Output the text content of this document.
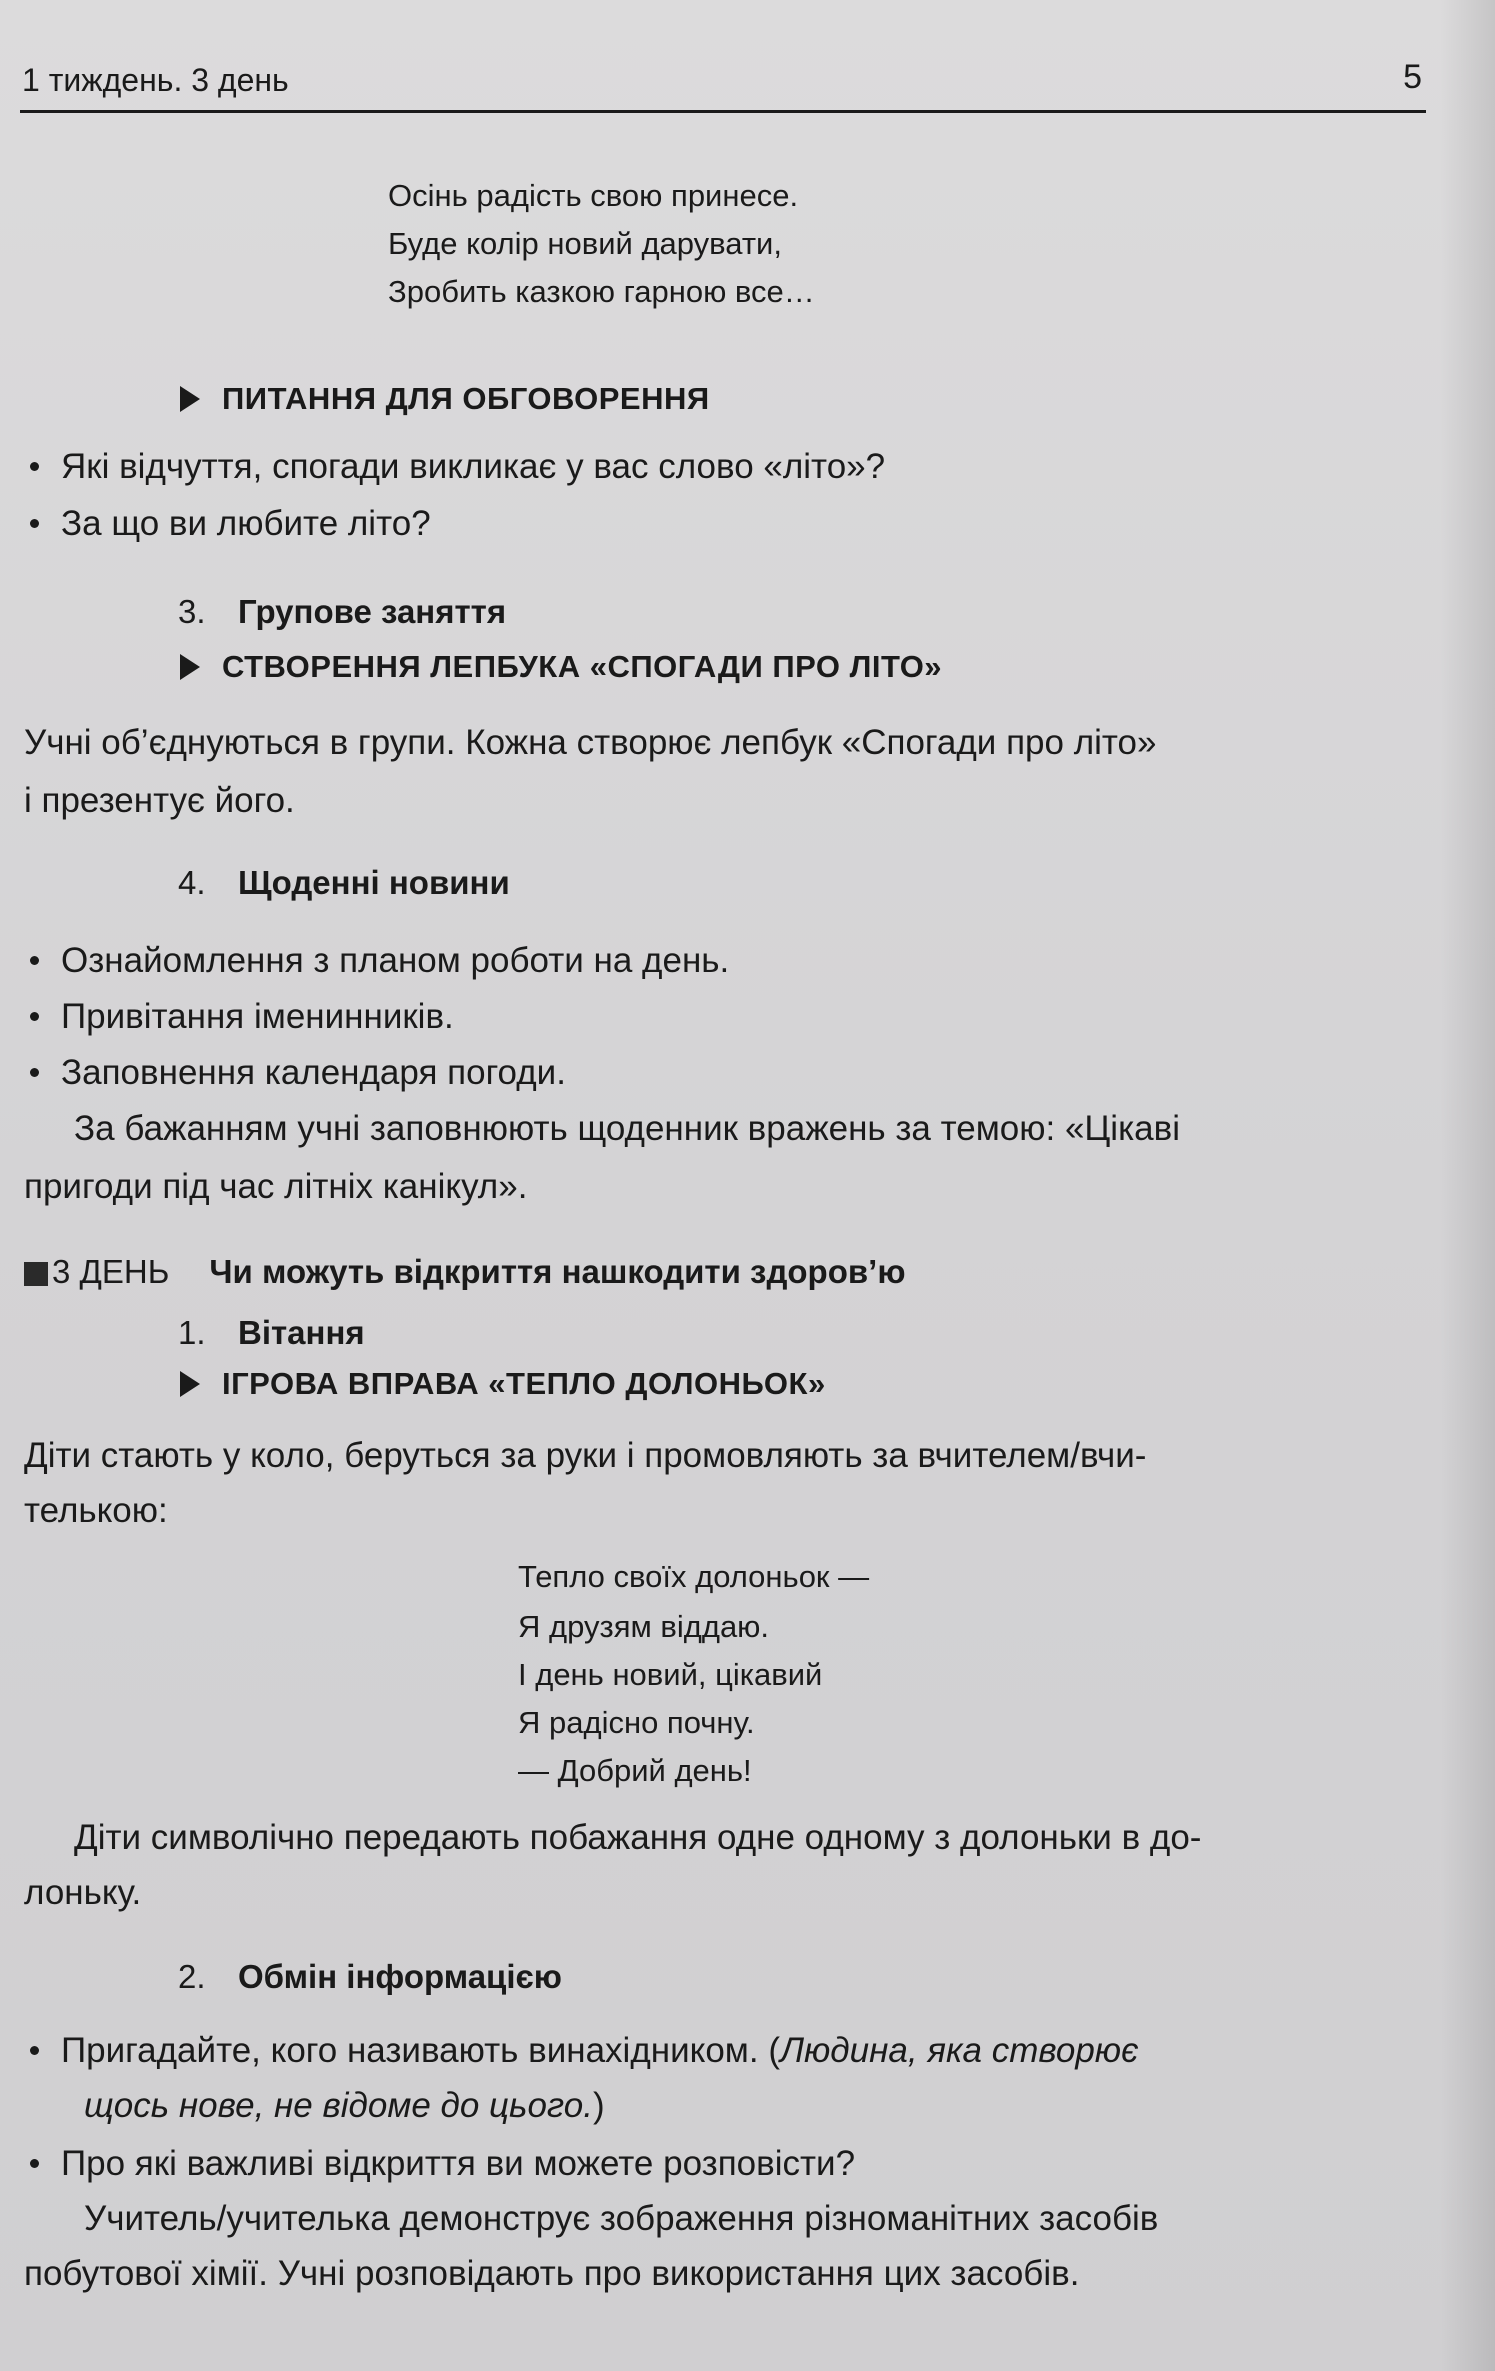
1 тиждень. 3 день	5
Осінь радість свою принесе.
Буде колір новий дарувати,
Зробить казкою гарною все…
ПИТАННЯ ДЛЯ ОБГОВОРЕННЯ
Які відчуття, спогади викликає у вас слово «літо»?
За що ви любите літо?
3. Групове заняття
СТВОРЕННЯ ЛЕПБУКА «СПОГАДИ ПРО ЛІТО»
Учні об’єднуються в групи. Кожна створює лепбук «Спогади про літо»
і презентує його.
4. Щоденні новини
Ознайомлення з планом роботи на день.
Привітання іменинників.
Заповнення календаря погоди.
За бажанням учні заповнюють щоденник вражень за темою: «Цікаві
пригоди під час літніх канікул».
3 ДЕНЬ Чи можуть відкриття нашкодити здоров’ю
1. Вітання
ІГРОВА ВПРАВА «ТЕПЛО ДОЛОНЬОК»
Діти стають у коло, беруться за руки і промовляють за вчителем/вчи-
телькою:
Тепло своїх долоньок —
Я друзям віддаю.
І день новий, цікавий
Я радісно почну.
— Добрий день!
Діти символічно передають побажання одне одному з долоньки в до-
лоньку.
2. Обмін інформацією
Пригадайте, кого називають винахідником. (Людина, яка створює
щось нове, не відоме до цього.)
Про які важливі відкриття ви можете розповісти?
Учитель/учителька демонструє зображення різноманітних засобів
побутової хімії. Учні розповідають про використання цих засобів.
